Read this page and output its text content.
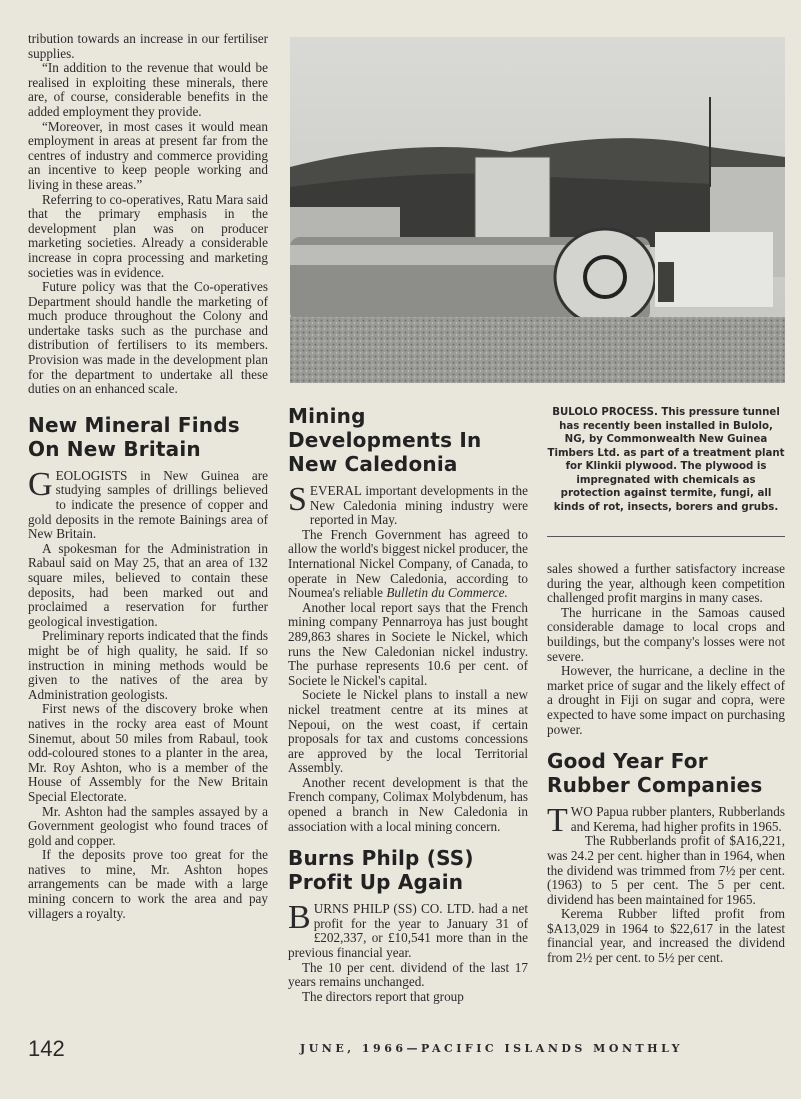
tribution towards an increase in our fertiliser supplies.

“In addition to the revenue that would be realised in exploiting these minerals, there are, of course, considerable benefits in the added employment they provide.

“Moreover, in most cases it would mean employment in areas at present far from the centres of industry and commerce providing an incentive to keep people working and living in these areas.”

Referring to co-operatives, Ratu Mara said that the primary emphasis in the development plan was on producer marketing societies. Already a considerable increase in copra processing and marketing societies was in evidence.

Future policy was that the Co-operatives Department should handle the marketing of much produce throughout the Colony and undertake tasks such as the purchase and distribution of fertilisers to its members. Provision was made in the development plan for the department to undertake all these duties on an enhanced scale.

New Mineral Finds On New Britain

GEOLOGISTS in New Guinea are studying samples of drillings believed to indicate the presence of copper and gold deposits in the remote Bainings area of New Britain.

A spokesman for the Administration in Rabaul said on May 25, that an area of 132 square miles, believed to contain these deposits, had been marked out and proclaimed a reservation for further geological investigation.

Preliminary reports indicated that the finds might be of high quality, he said. If so instruction in mining methods would be given to the natives of the area by Administration geologists.

First news of the discovery broke when natives in the rocky area east of Mount Sinemut, about 50 miles from Rabaul, took odd-coloured stones to a planter in the area, Mr. Roy Ashton, who is a member of the House of Assembly for the New Britain Special Electorate.

Mr. Ashton had the samples assayed by a Government geologist who found traces of gold and copper.

If the deposits prove too great for the natives to mine, Mr. Ashton hopes arrangements can be made with a large mining concern to work the area and pay villagers a royalty.

BULOLO PROCESS. This pressure tunnel has recently been installed in Bulolo, NG, by Commonwealth New Guinea Timbers Ltd. as part of a treatment plant for Klinkii plywood. The plywood is impregnated with chemicals as protection against termite, fungi, all kinds of rot, insects, borers and grubs.
Mining Developments In New Caledonia

SEVERAL important developments in the New Caledonia mining industry were reported in May.

The French Government has agreed to allow the world's biggest nickel producer, the International Nickel Company, of Canada, to operate in New Caledonia, according to Noumea's reliable Bulletin du Commerce.

Another local report says that the French mining company Pennarroya has just bought 289,863 shares in Societe le Nickel, which runs the New Caledonian nickel industry. The purhase represents 10.6 per cent. of Societe le Nickel's capital.

Societe le Nickel plans to install a new nickel treatment centre at its mines at Nepoui, on the west coast, if certain proposals for tax and customs concessions are approved by the local Territorial Assembly.

Another recent development is that the French company, Colimax Molybdenum, has opened a branch in New Caledonia in association with a local mining concern.

Burns Philp (SS) Profit Up Again

BURNS PHILP (SS) CO. LTD. had a net profit for the year to January 31 of £202,337, or £10,541 more than in the previous financial year.

The 10 per cent. dividend of the last 17 years remains unchanged.

The directors report that group

sales showed a further satisfactory increase during the year, although keen competition challenged profit margins in many cases.

The hurricane in the Samoas caused considerable damage to local crops and buildings, but the company's losses were not severe.

However, the hurricane, a decline in the market price of sugar and the likely effect of a drought in Fiji on sugar and copra, were expected to have some impact on purchasing power.

Good Year For Rubber Companies

TWO Papua rubber planters, Rubberlands and Kerema, had higher profits in 1965.

The Rubberlands profit of $A16,221, was 24.2 per cent. higher than in 1964, when the dividend was trimmed from 7½ per cent. (1963) to 5 per cent. The 5 per cent. dividend has been maintained for 1965.

Kerema Rubber lifted profit from $A13,029 in 1964 to $22,617 in the latest financial year, and increased the dividend from 2½ per cent. to 5½ per cent.

142	JUNE, 1966—PACIFIC ISLANDS MONTHLY
